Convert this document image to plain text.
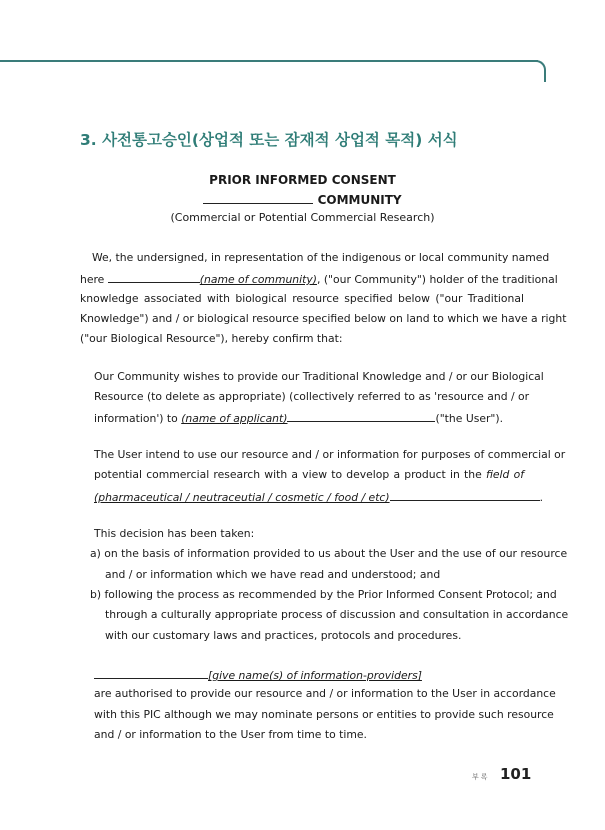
3. 사전통고승인(상업적 또는 잠재적 상업적 목적) 서식
PRIOR INFORMED CONSENT
COMMUNITY
(Commercial or Potential Commercial Research)
We, the undersigned, in representation of the indigenous or local community named
here	(name of community), ("our Community") holder of the traditional
knowledge associated with biological resource specified below ("our Traditional
Knowledge") and / or biological resource specified below on land to which we have a right
("our Biological Resource"), hereby confirm that:
Our Community wishes to provide our Traditional Knowledge and / or our Biological
Resource (to delete as appropriate) (collectively referred to as 'resource and / or
information') to (name of applicant)	("the User").
The User intend to use our resource and / or information for purposes of commercial or
potential commercial research with a view to develop a product in the field of
(pharmaceutical / neutraceutial / cosmetic / food / etc)	.
This decision has been taken:
a) on the basis of information provided to us about the User and the use of our resource
and / or information which we have read and understood; and
b) following the process as recommended by the Prior Informed Consent Protocol; and
through a culturally appropriate process of discussion and consultation in accordance
with our customary laws and practices, protocols and procedures.
[give name(s) of information-providers]
are authorised to provide our resource and / or information to the User in accordance
with this PIC although we may nominate persons or entities to provide such resource
and / or information to the User from time to time.
부록 101
